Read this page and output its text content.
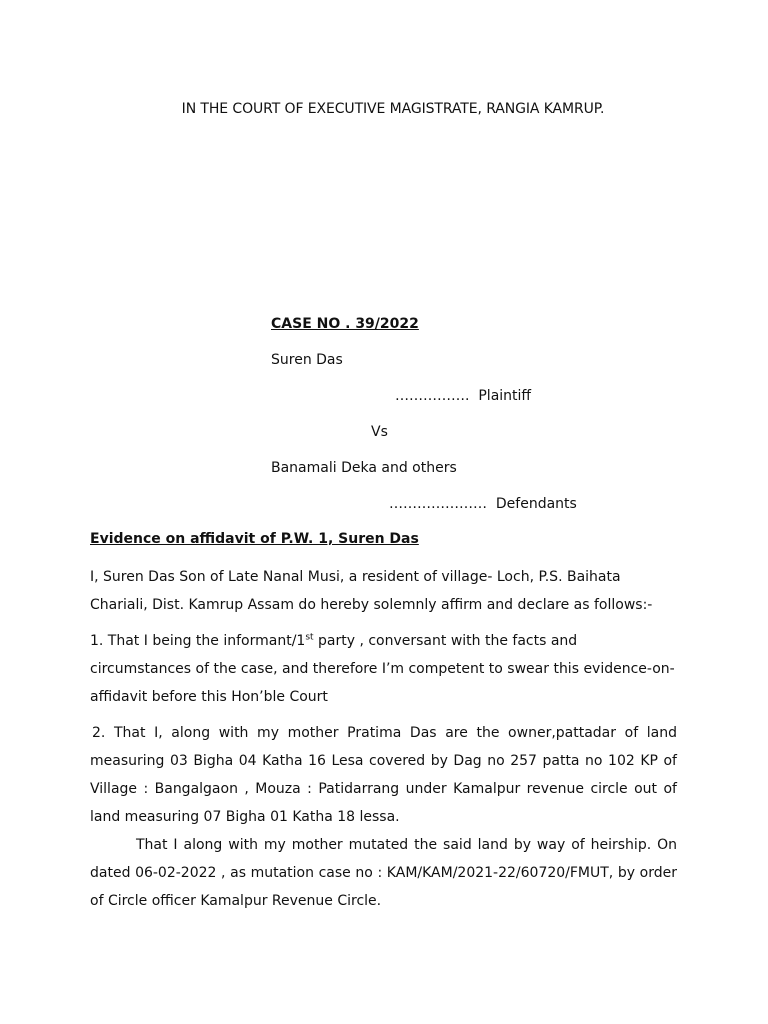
IN THE COURT OF EXECUTIVE MAGISTRATE, RANGIA KAMRUP.
CASE NO . 39/2022
Suren Das
……………. Plaintiff
Vs
Banamali Deka and others
………………… Defendants
Evidence on affidavit of P.W. 1, Suren Das

I, Suren Das Son of Late Nanal Musi, a resident of village- Loch, P.S. Baihata Chariali, Dist. Kamrup Assam do hereby solemnly affirm and declare as follows:-

1. That I being the informant/1st party , conversant with the facts and circumstances of the case, and therefore I’m competent to swear this evidence-on-affidavit before this Hon’ble Court

2. That I, along with my mother Pratima Das are the owner,pattadar of land measuring 03 Bigha 04 Katha 16 Lesa covered by Dag no 257 patta no 102 KP of Village : Bangalgaon , Mouza : Patidarrang under Kamalpur revenue circle out of land measuring 07 Bigha 01 Katha 18 lessa.

That I along with my mother mutated the said land by way of heirship. On dated 06-02-2022 , as mutation case no : KAM/KAM/2021-22/60720/FMUT, by order of Circle officer Kamalpur Revenue Circle.
